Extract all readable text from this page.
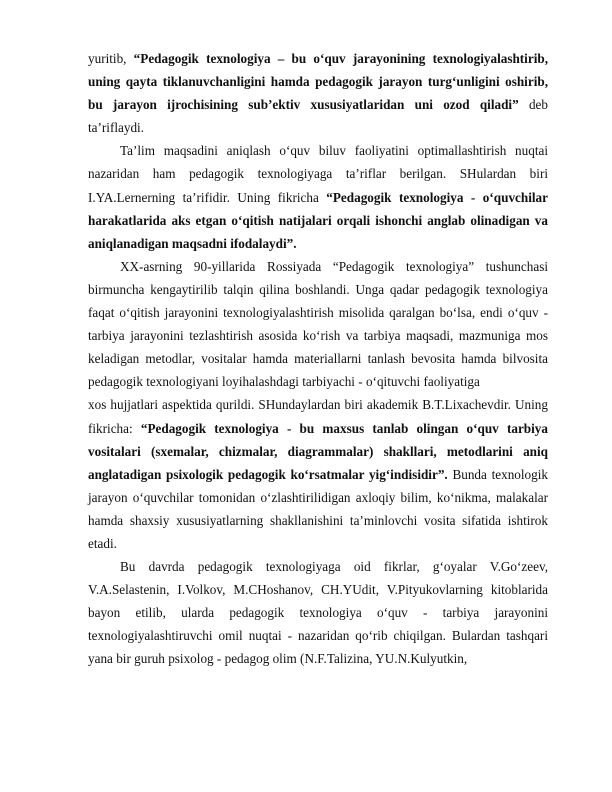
yuritib, “Pedagogik texnologiya – bu o‘quv jarayonining texnologiyalashtirib, uning qayta tiklanuvchanligini hamda pedagogik jarayon turg‘unligini oshirib, bu jarayon ijrochisining sub’ektiv xususiyatlaridan uni ozod qiladi” deb ta’riflaydi.

Ta’lim maqsadini aniqlash o‘quv biluv faoliyatini optimallashtirish nuqtai nazaridan ham pedagogik texnologiyaga ta’riflar berilgan. SHulardan biri I.YA.Lernerning ta’rifidir. Uning fikricha “Pedagogik texnologiya - o‘quvchilar harakatlarida aks etgan o‘qitish natijalari orqali ishonchi anglab olinadigan va aniqlanadigan maqsadni ifodalaydi”.

XX-asrning 90-yillarida Rossiyada “Pedagogik texnologiya” tushunchasi birmuncha kengaytirilib talqin qilina boshlandi. Unga qadar pedagogik texnologiya faqat o‘qitish jarayonini texnologiyalashtirish misolida qaralgan bo‘lsa, endi o‘quv - tarbiya jarayonini tezlashtirish asosida ko‘rish va tarbiya maqsadi, mazmuniga mos keladigan metodlar, vositalar hamda materiallarni tanlash bevosita hamda bilvosita pedagogik texnologiyani loyihalashdagi tarbiyachi - o‘qituvchi faoliyatiga

xos hujjatlari aspektida qurildi. SHundaylardan biri akademik B.T.Lixachevdir. Uning fikricha: “Pedagogik texnologiya - bu maxsus tanlab olingan o‘quv tarbiya vositalari (sxemalar, chizmalar, diagrammalar) shakllari, metodlarini aniq anglatadigan psixologik pedagogik ko‘rsatmalar yig‘indisidir”. Bunda texnologik jarayon o‘quvchilar tomonidan o‘zlashtirilidigan axloqiy bilim, ko‘nikma, malakalar hamda shaxsiy xususiyatlarning shakllanishini ta’minlovchi vosita sifatida ishtirok etadi.

Bu davrda pedagogik texnologiyaga oid fikrlar, g‘oyalar V.Go‘zeev, V.A.Selastenin, I.Volkov, M.CHoshanov, CH.YUdit, V.Pityukovlarning kitoblarida bayon etilib, ularda pedagogik texnologiya o‘quv - tarbiya jarayonini texnologiyalashtiruvchi omil nuqtai - nazaridan qo‘rib chiqilgan. Bulardan tashqari yana bir guruh psixolog - pedagog olim (N.F.Talizina, YU.N.Kulyutkin,
